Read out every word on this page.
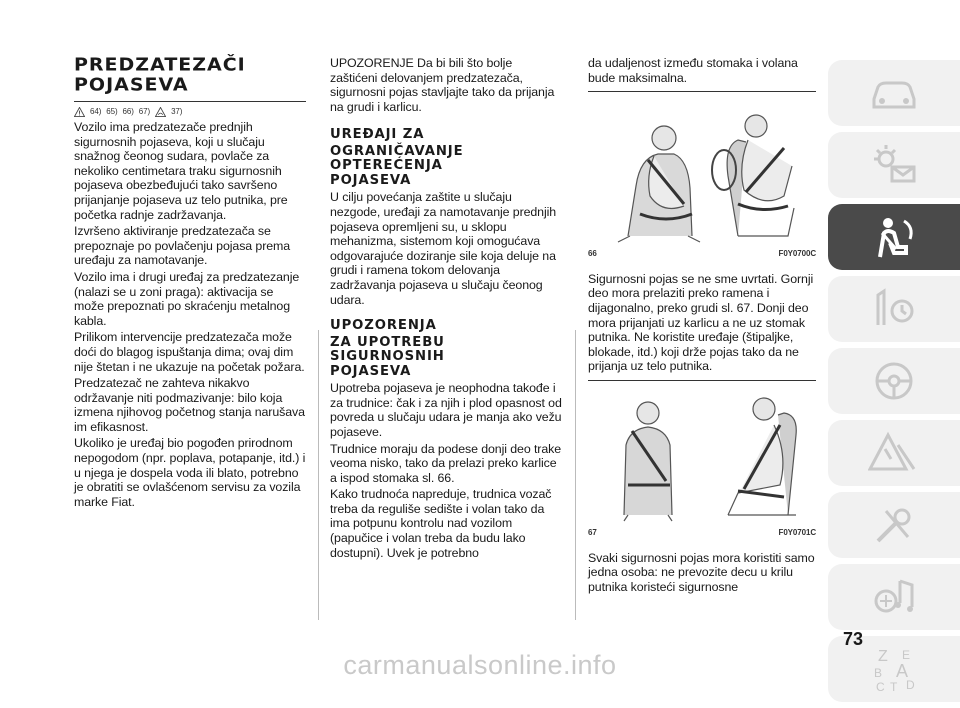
PREDZATEZAČI
POJASEVA
64) 65) 66) 67)	37)

Vozilo ima predzatezače prednjih sigurnosnih pojaseva, koji u slučaju snažnog čeonog sudara, povlače za nekoliko centimetara traku sigurnosnih pojaseva obezbeđujući tako savršeno prijanjanje pojaseva uz telo putnika, pre početka radnje zadržavanja.

Izvršeno aktiviranje predzatezača se prepoznaje po povlačenju pojasa prema uređaju za namotavanje.

Vozilo ima i drugi uređaj za predzatezanje (nalazi se u zoni praga): aktivacija se može prepoznati po skraćenju metalnog kabla.

Prilikom intervencije predzatezača može doći do blagog ispuštanja dima; ovaj dim nije štetan i ne ukazuje na početak požara.

Predzatezač ne zahteva nikakvo održavanje niti podmazivanje: bilo koja izmena njihovog početnog stanja narušava im efikasnost.

Ukoliko je uređaj bio pogođen prirodnom nepogodom (npr. poplava, potapanje, itd.) i u njega je dospela voda ili blato, potrebno je obratiti se ovlašćenom servisu za vozila marke Fiat.

UPOZORENJE Da bi bili što bolje zaštićeni delovanjem predzatezača, sigurnosni pojas stavljajte tako da prijanja na grudi i karlicu.

UREĐAJI ZA
OGRANIČAVANJE
OPTEREĆENJA
POJASEVA

U cilju povećanja zaštite u slučaju nezgode, uređaji za namotavanje prednjih pojaseva opremljeni su, u sklopu mehanizma, sistemom koji omogućava odgovarajuće doziranje sile koja deluje na grudi i ramena tokom delovanja zadržavanja pojaseva u slučaju čeonog udara.

UPOZORENJA
ZA UPOTREBU
SIGURNOSNIH
POJASEVA

Upotreba pojaseva je neophodna takođe i za trudnice: čak i za njih i plod opasnost od povreda u slučaju udara je manja ako vežu pojaseve.

Trudnice moraju da podese donji deo trake veoma nisko, tako da prelazi preko karlice a ispod stomaka sl. 66.

Kako trudnoća napreduje, trudnica vozač treba da reguliše sedište i volan tako da ima potpunu kontrolu nad vozilom (papučice i volan treba da budu lako dostupni). Uvek je potrebno

da udaljenost između stomaka i volana bude maksimalna.

66	F0Y0700C

Sigurnosni pojas se ne sme uvrtati. Gornji deo mora prelaziti preko ramena i dijagonalno, preko grudi sl. 67. Donji deo mora prijanjati uz karlicu a ne uz stomak putnika. Ne koristite uređaje (štipaljke, blokade, itd.) koji drže pojas tako da ne prijanja uz telo putnika.

67	F0Y0701C

Svaki sigurnosni pojas mora koristiti samo jedna osoba: ne prevozite decu u krilu putnika koristeći sigurnosne

Z E
B A
C T D
73
carmanualsonline.info
